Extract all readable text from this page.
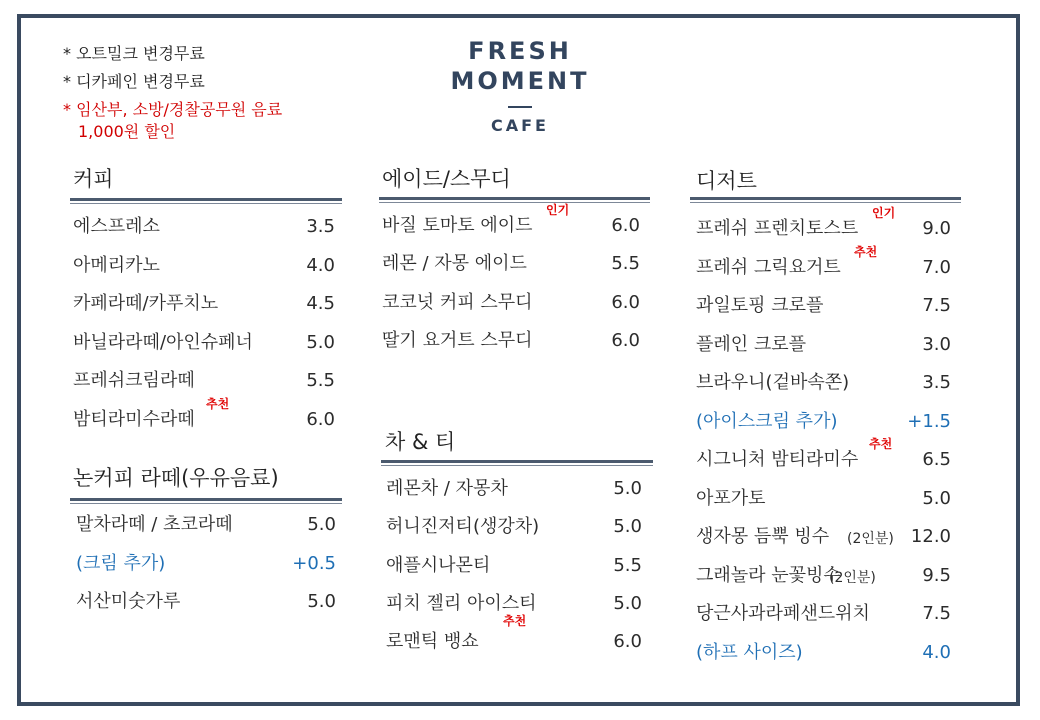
* 오트밀크 변경무료
* 디카페인 변경무료
* 임산부, 소방/경찰공무원 음료

1,000원 할인
FRESH
MOMENT
CAFE
커피
에스프레소	3.5
아메리카노	4.0
카페라떼/카푸치노	4.5
바닐라라떼/아인슈페너	5.0
프레쉬크림라떼	5.5
밤티라미수라떼	6.0
추천
논커피 라떼(우유음료)
말차라떼 / 초코라떼	5.0
(크림 추가)	+0.5
서산미숫가루	5.0
에이드/스무디
바질 토마토 에이드	6.0
인기
레몬 / 자몽 에이드	5.5
코코넛 커피 스무디	6.0
딸기 요거트 스무디	6.0
차 & 티
레몬차 / 자몽차	5.0
허니진저티(생강차)	5.0
애플시나몬티	5.5
피치 젤리 아이스티	5.0
로맨틱 뱅쇼	6.0
추천
디저트
프레쉬 프렌치토스트	9.0
인기
프레쉬 그릭요거트	7.0
추천
과일토핑 크로플	7.5
플레인 크로플	3.0
브라우니(겉바속쫀)	3.5
(아이스크림 추가)	+1.5
시그니처 밤티라미수	6.5
추천
아포가토	5.0
생자몽 듬뿍 빙수 (2인분) 12.0
그래놀라 눈꽃빙수
(2인분)	9.5
당근사과라페샌드위치	7.5
(하프 사이즈)	4.0
